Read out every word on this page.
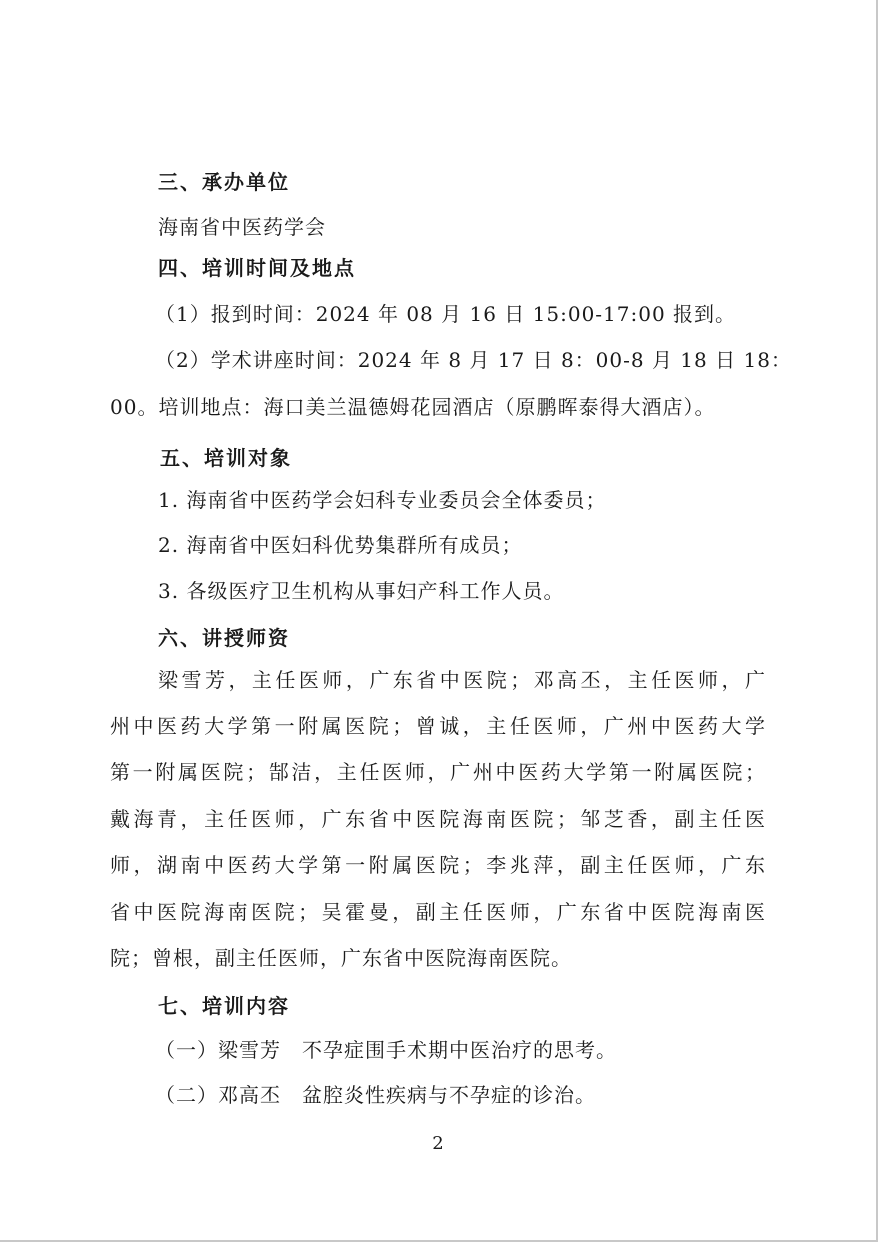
三、承办单位
海南省中医药学会
四、培训时间及地点
（1）报到时间：2024 年 08 月 16 日 15:00-17:00 报到。
（2）学术讲座时间：2024 年 8 月 17 日 8：00-8 月 18 日 18：
00。培训地点：海口美兰温德姆花园酒店（原鹏晖泰得大酒店）。
五、培训对象
1. 海南省中医药学会妇科专业委员会全体委员；
2. 海南省中医妇科优势集群所有成员；
3. 各级医疗卫生机构从事妇产科工作人员。
六、讲授师资
梁雪芳，主任医师，广东省中医院；邓高丕，主任医师，广
州中医药大学第一附属医院；曾诚，主任医师，广州中医药大学
第一附属医院；郜洁，主任医师，广州中医药大学第一附属医院；
戴海青，主任医师，广东省中医院海南医院；邹芝香，副主任医
师，湖南中医药大学第一附属医院；李兆萍，副主任医师，广东
省中医院海南医院；吴霍曼，副主任医师，广东省中医院海南医
院；曾根，副主任医师，广东省中医院海南医院。
七、培训内容
（一）梁雪芳　不孕症围手术期中医治疗的思考。
（二）邓高丕　盆腔炎性疾病与不孕症的诊治。
2
